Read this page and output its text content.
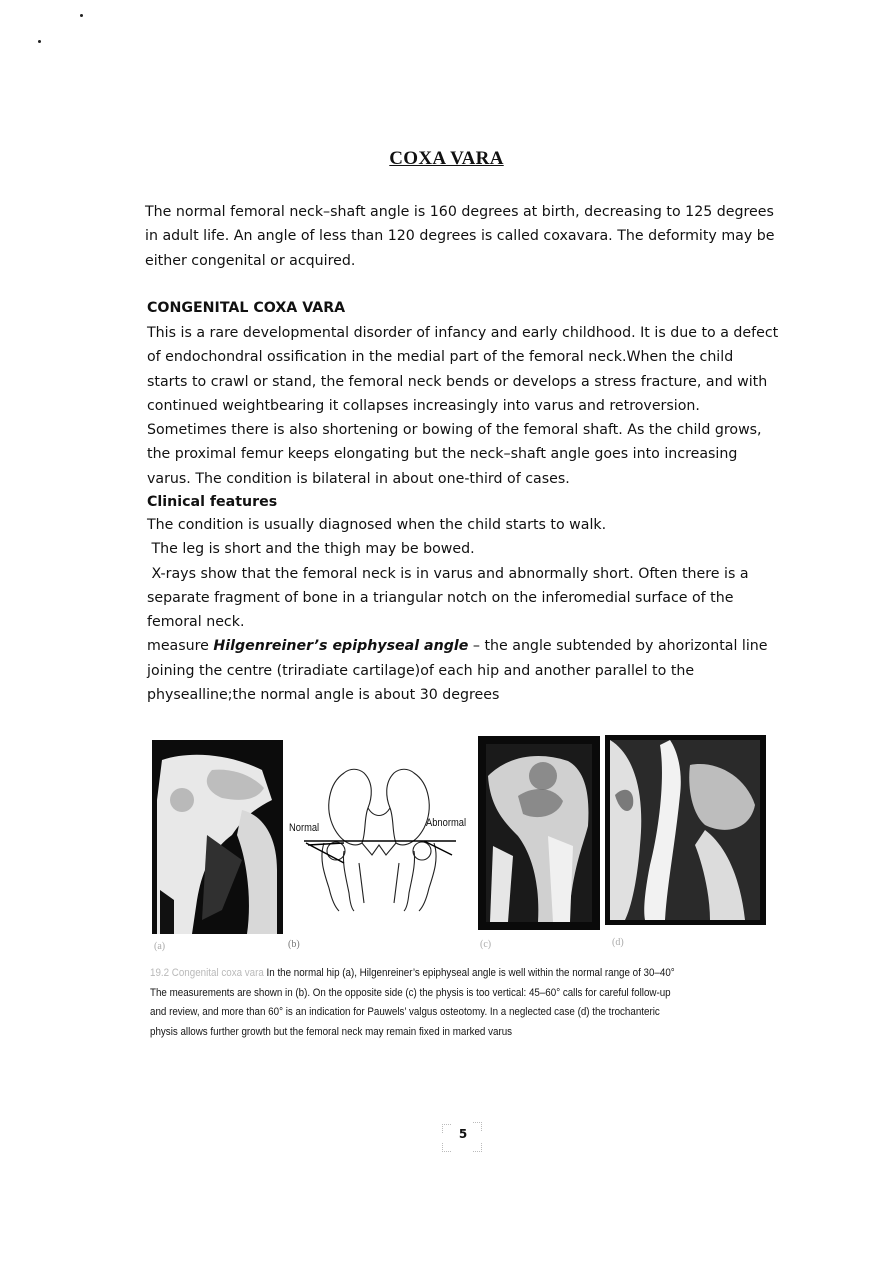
COXA VARA
The normal femoral neck–shaft angle is 160 degrees at birth, decreasing to 125 degrees
in adult life. An angle of less than 120 degrees is called coxavara. The deformity may be
either congenital or acquired.
CONGENITAL COXA VARA
This is a rare developmental disorder of infancy and early childhood. It is due to a defect
of endochondral ossification in the medial part of the femoral neck.When the child
starts to crawl or stand, the femoral neck bends or develops a stress fracture, and with
continued weightbearing it collapses increasingly into varus and retroversion.
Sometimes there is also shortening or bowing of the femoral shaft. As the child grows,
the proximal femur keeps elongating but the neck–shaft angle goes into increasing
varus. The condition is bilateral in about one-third of cases.
Clinical features
The condition is usually diagnosed when the child starts to walk.
The leg is short and the thigh may be bowed.
X-rays show that the femoral neck is in varus and abnormally short. Often there is a
separate fragment of bone in a triangular notch on the inferomedial surface of the
femoral neck.
measure Hilgenreiner’s epiphyseal angle – the angle subtended by ahorizontal line
joining the centre (triradiate cartilage)of each hip and another parallel to the
physealline;the normal angle is about 30 degrees
Normal	Abnormal
(a)	(b)	(c)	(d)
19.2 Congenital coxa vara In the normal hip (a), Hilgenreiner’s epiphyseal angle is well within the normal range of 30–40°
The measurements are shown in (b). On the opposite side (c) the physis is too vertical: 45–60° calls for careful follow-up
and review, and more than 60° is an indication for Pauwels’ valgus osteotomy. In a neglected case (d) the trochanteric
physis allows further growth but the femoral neck may remain fixed in marked varus
5
